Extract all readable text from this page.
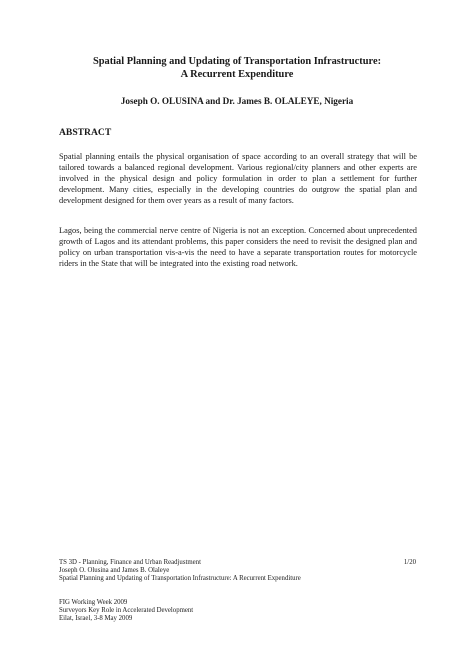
Spatial Planning and Updating of Transportation Infrastructure:
A Recurrent Expenditure
Joseph O. OLUSINA and Dr. James B. OLALEYE, Nigeria
ABSTRACT

Spatial planning entails the physical organisation of space according to an overall strategy that will be tailored towards a balanced regional development. Various regional/city planners and other experts are involved in the physical design and policy formulation in order to plan a settlement for further development. Many cities, especially in the developing countries do outgrow the spatial plan and development designed for them over years as a result of many factors.

Lagos, being the commercial nerve centre of Nigeria is not an exception. Concerned about unprecedented growth of Lagos and its attendant problems, this paper considers the need to revisit the designed plan and policy on urban transportation vis-a-vis the need to have a separate transportation routes for motorcycle riders in the State that will be integrated into the existing road network.

TS 3D - Planning, Finance and Urban Readjustment
Joseph O. Olusina and James B. Olaleye
Spatial Planning and Updating of Transportation Infrastructure: A Recurrent Expenditure
1/20
FIG Working Week 2009
Surveyors Key Role in Accelerated Development
Eilat, Israel, 3-8 May 2009
